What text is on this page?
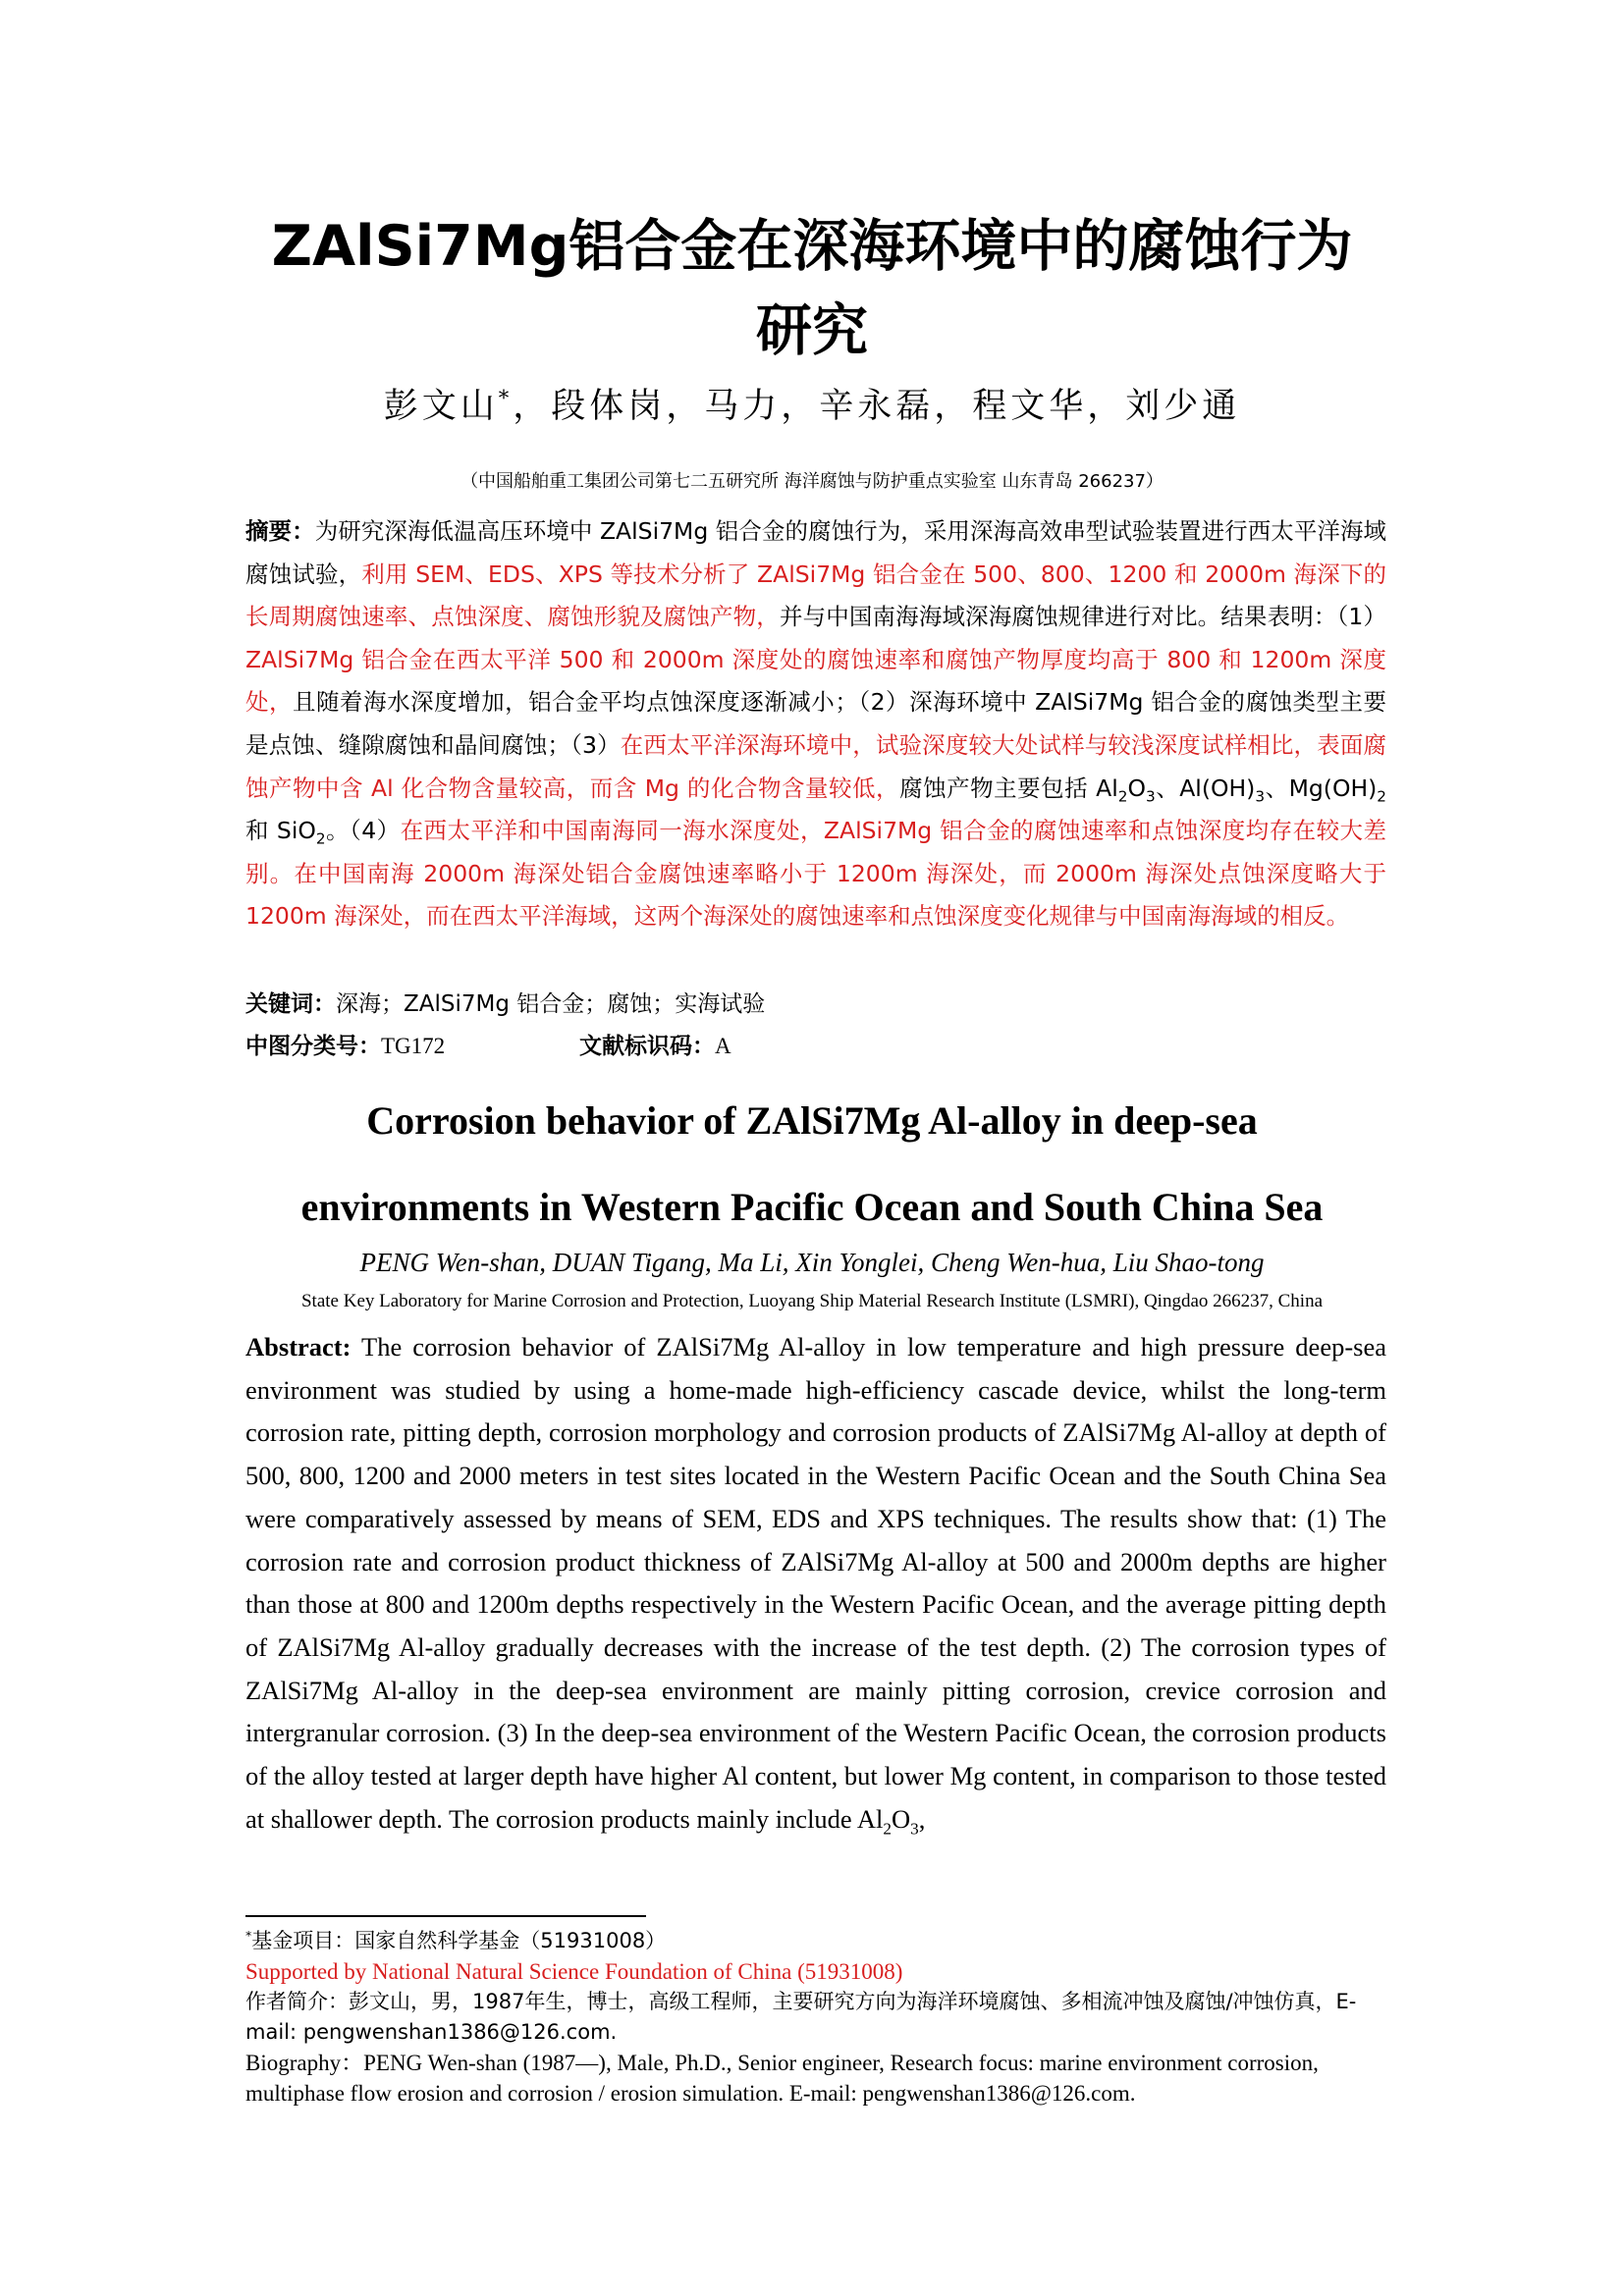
ZAlSi7Mg铝合金在深海环境中的腐蚀行为研究
彭文山*，段体岗，马力，辛永磊，程文华，刘少通
（中国船舶重工集团公司第七二五研究所 海洋腐蚀与防护重点实验室 山东青岛 266237）

摘要：为研究深海低温高压环境中 ZAlSi7Mg 铝合金的腐蚀行为，采用深海高效串型试验装置进行西太平洋海域腐蚀试验，利用 SEM、EDS、XPS 等技术分析了 ZAlSi7Mg 铝合金在 500、800、1200 和 2000m 海深下的长周期腐蚀速率、点蚀深度、腐蚀形貌及腐蚀产物，并与中国南海海域深海腐蚀规律进行对比。结果表明：（1）ZAlSi7Mg 铝合金在西太平洋 500 和 2000m 深度处的腐蚀速率和腐蚀产物厚度均高于 800 和 1200m 深度处，且随着海水深度增加，铝合金平均点蚀深度逐渐减小；（2）深海环境中 ZAlSi7Mg 铝合金的腐蚀类型主要是点蚀、缝隙腐蚀和晶间腐蚀；（3）在西太平洋深海环境中，试验深度较大处试样与较浅深度试样相比，表面腐蚀产物中含 Al 化合物含量较高，而含 Mg 的化合物含量较低，腐蚀产物主要包括 $Al_2O_3$、$Al(OH)_3$、$Mg(OH)_2$ 和 SiO$_2$。（4）在西太平洋和中国南海同一海水深度处，ZAlSi7Mg 铝合金的腐蚀速率和点蚀深度均存在较大差别。在中国南海 2000m 海深处铝合金腐蚀速率略小于 1200m 海深处，而 2000m 海深处点蚀深度略大于 1200m 海深处，而在西太平洋海域，这两个海深处的腐蚀速率和点蚀深度变化规律与中国南海海域的相反。

关键词：深海；ZAlSi7Mg 铝合金；腐蚀；实海试验
中图分类号：TG172	文献标识码：A
Corrosion behavior of ZAlSi7Mg Al-alloy in deep-sea
environments in Western Pacific Ocean and South China Sea
PENG Wen-shan, DUAN Tigang, Ma Li, Xin Yonglei, Cheng Wen-hua, Liu Shao-tong
State Key Laboratory for Marine Corrosion and Protection, Luoyang Ship Material Research Institute (LSMRI), Qingdao 266237, China

Abstract: The corrosion behavior of ZAlSi7Mg Al-alloy in low temperature and high pressure deep-sea environment was studied by using a home-made high-efficiency cascade device, whilst the long-term corrosion rate, pitting depth, corrosion morphology and corrosion products of ZAlSi7Mg Al-alloy at depth of 500, 800, 1200 and 2000 meters in test sites located in the Western Pacific Ocean and the South China Sea were comparatively assessed by means of SEM, EDS and XPS techniques. The results show that: (1) The corrosion rate and corrosion product thickness of ZAlSi7Mg Al-alloy at 500 and 2000m depths are higher than those at 800 and 1200m depths respectively in the Western Pacific Ocean, and the average pitting depth of ZAlSi7Mg Al-alloy gradually decreases with the increase of the test depth. (2) The corrosion types of ZAlSi7Mg Al-alloy in the deep-sea environment are mainly pitting corrosion, crevice corrosion and intergranular corrosion. (3) In the deep-sea environment of the Western Pacific Ocean, the corrosion products of the alloy tested at larger depth have higher Al content, but lower Mg content, in comparison to those tested at shallower depth. The corrosion products mainly include $Al_2O_3$,

*基金项目：国家自然科学基金（51931008）

Supported by National Natural Science Foundation of China (51931008)

作者简介：彭文山，男，1987年生，博士，高级工程师，主要研究方向为海洋环境腐蚀、多相流冲蚀及腐蚀/冲蚀仿真，E-mail: pengwenshan1386@126.com.

Biography：PENG Wen-shan (1987—), Male, Ph.D., Senior engineer, Research focus: marine environment corrosion, multiphase flow erosion and corrosion / erosion simulation. E-mail: pengwenshan1386@126.com.
